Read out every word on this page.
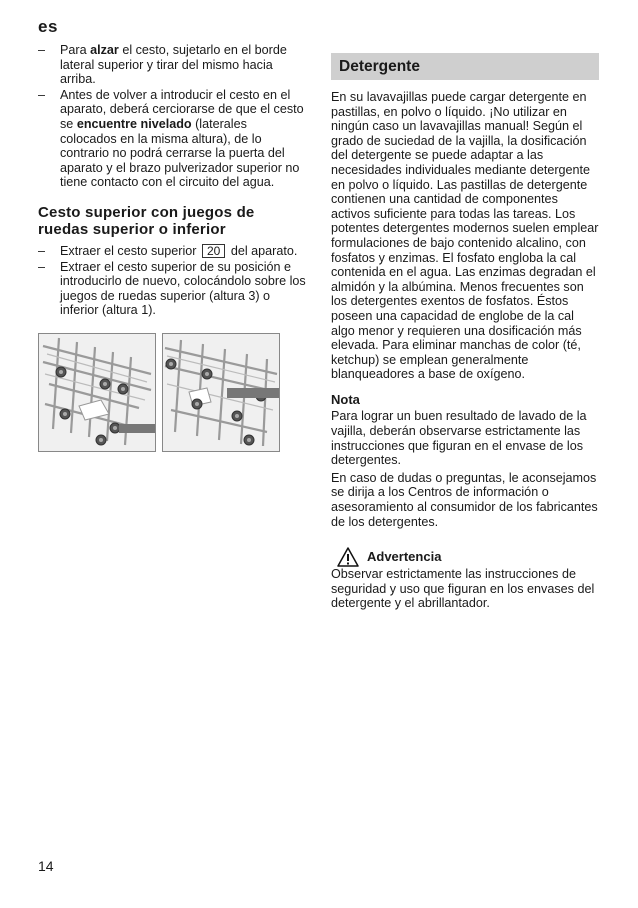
es
– Para alzar el cesto, sujetarlo en el borde lateral superior y tirar del mismo hacia arriba.
– Antes de volver a introducir el cesto en el aparato, deberá cerciorarse de que el cesto se encuentre nivelado (laterales colocados en la misma altura), de lo contrario no podrá cerrarse la puerta del aparato y el brazo pulverizador superior no tiene contacto con el circuito del agua.
Cesto superior con juegos de ruedas superior o inferior
– Extraer el cesto superior 20 del aparato.
– Extraer el cesto superior de su posición e introducirlo de nuevo, colocándolo sobre los juegos de ruedas superior (altura 3) o inferior (altura 1).
Detergente

En su lavavajillas puede cargar detergente en pastillas, en polvo o líquido. ¡No utilizar en ningún caso un lavavajillas manual! Según el grado de suciedad de la vajilla, la dosificación del detergente se puede adaptar a las necesidades individuales mediante detergente en polvo o líquido. Las pastillas de detergente contienen una cantidad de componentes activos suficiente para todas las tareas. Los potentes detergentes modernos suelen emplear formulaciones de bajo contenido alcalino, con fosfatos y enzimas. El fosfato engloba la cal contenida en el agua. Las enzimas degradan el almidón y la albúmina. Menos frecuentes son los detergentes exentos de fosfatos. Éstos poseen una capacidad de englobe de la cal algo menor y requieren una dosificación más elevada. Para eliminar manchas de color (té, ketchup) se emplean generalmente blanqueadores a base de oxígeno.

Nota

Para lograr un buen resultado de lavado de la vajilla, deberán observarse estrictamente las instrucciones que figuran en el envase de los detergentes.

En caso de dudas o preguntas, le aconsejamos se dirija a los Centros de información o asesoramiento al consumidor de los fabricantes de los detergentes.

Advertencia

Observar estrictamente las instrucciones de seguridad y uso que figuran en los envases del detergente y el abrillantador.

14
